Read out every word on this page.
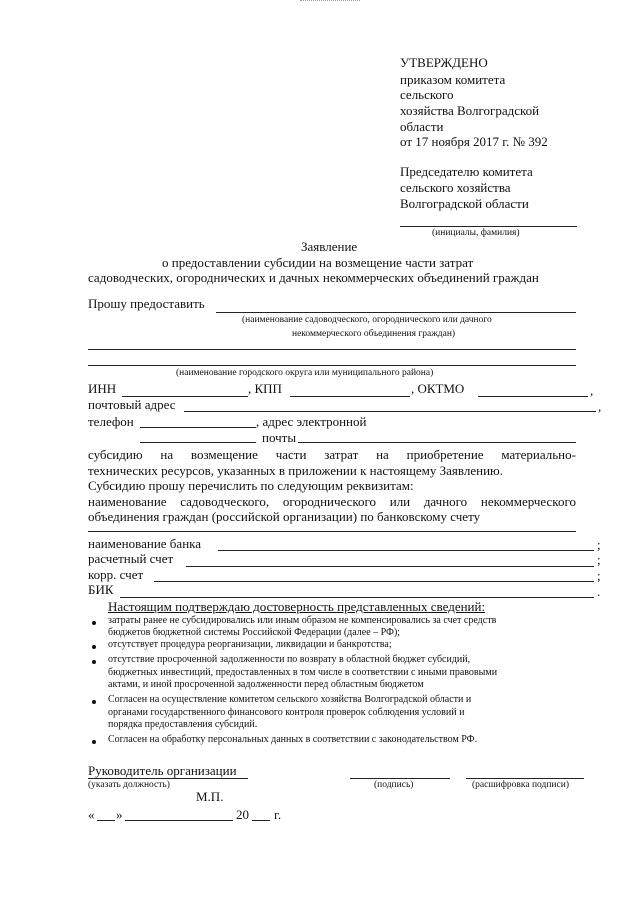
УТВЕРЖДЕНО
приказом комитета
сельского
хозяйства Волгоградской
области
от 17 ноября 2017 г. № 392
Председателю комитета
сельского хозяйства
Волгоградской области
(инициалы, фамилия)
Заявление
о предоставлении субсидии на возмещение части затрат
садоводческих, огороднических и дачных некоммерческих объединений граждан
Прошу предоставить
(наименование садоводческого, огороднического или дачного
некоммерческого объединения граждан)
(наименование городского округа или муниципального района)
ИНН	, КПП	, ОКТМО	,
почтовый адрес	,
телефон	, адрес электронной
почты
субсидию на возмещение части затрат на приобретение материально-
технических ресурсов, указанных в приложении к настоящему Заявлению.
Субсидию прошу перечислить по следующим реквизитам:
наименование садоводческого, огороднического или дачного некоммерческого
объединения граждан (российской организации) по банковскому счету
наименование банка	;
расчетный счет	;
корр. счет	;
БИК	.
Настоящим подтверждаю достоверность представленных сведений:
затраты ранее не субсидировались или иным образом не компенсировались за счет средств
бюджетов бюджетной системы Российской Федерации (далее – РФ);
отсутствует процедура реорганизации, ликвидации и банкротства;
отсутствие просроченной задолженности по возврату в областной бюджет субсидий,
бюджетных инвестиций, предоставленных в том числе в соответствии с иными правовыми
актами, и иной просроченной задолженности перед областным бюджетом
Согласен на осуществление комитетом сельского хозяйства Волгоградской области и
органами государственного финансового контроля проверок соблюдения условий и
порядка предоставления субсидий.
Согласен на обработку персональных данных в соответствии с законодательством РФ.
Руководитель организации
(указать должность)	(подпись)	(расшифровка подписи)
М.П.
« »	20 г.
